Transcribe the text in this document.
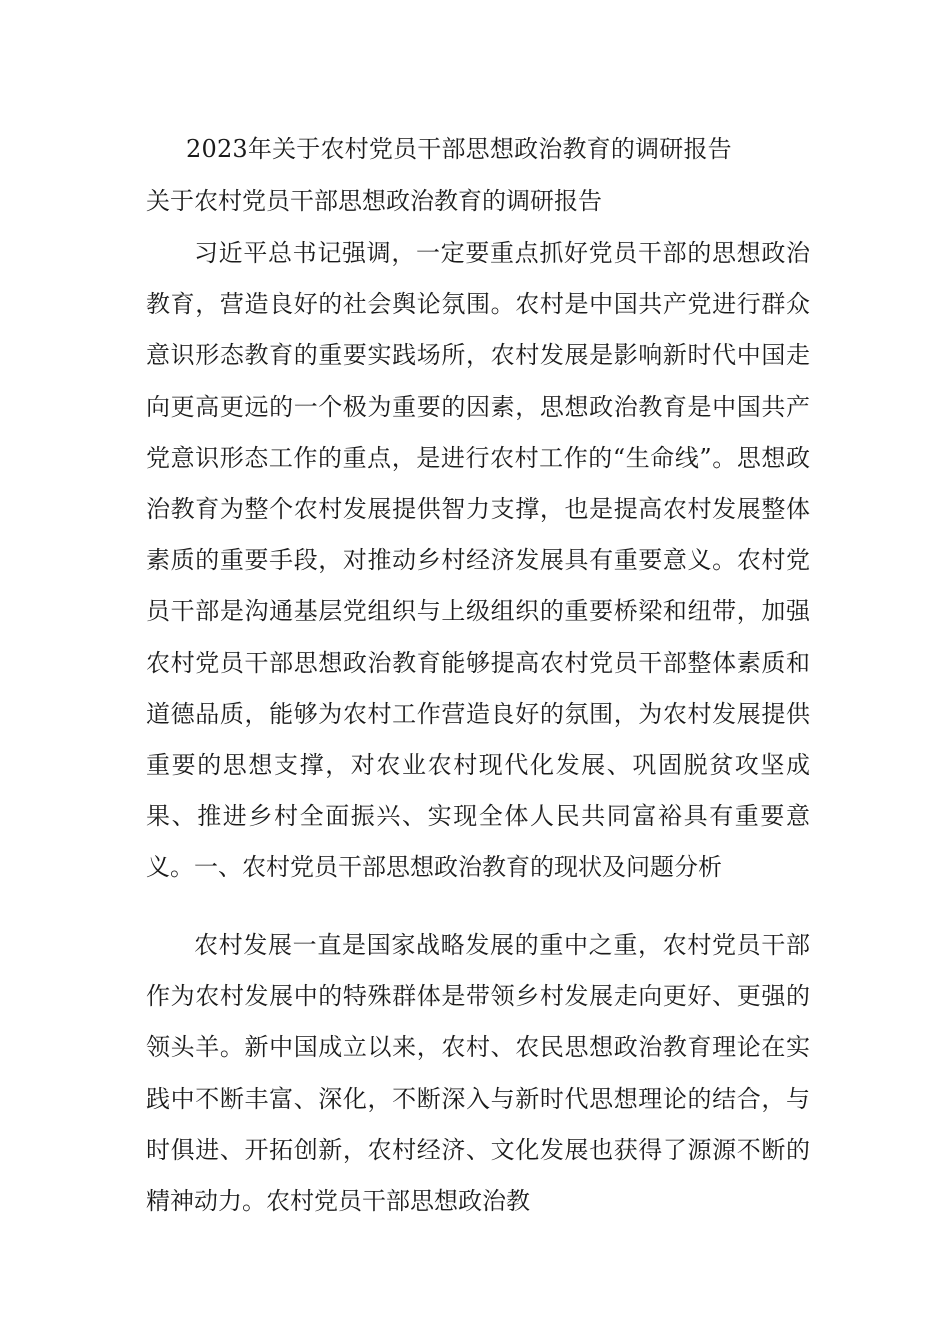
2023年关于农村党员干部思想政治教育的调研报告
关于农村党员干部思想政治教育的调研报告

习近平总书记强调，一定要重点抓好党员干部的思想政治教育，营造良好的社会舆论氛围。农村是中国共产党进行群众意识形态教育的重要实践场所，农村发展是影响新时代中国走向更高更远的一个极为重要的因素，思想政治教育是中国共产党意识形态工作的重点，是进行农村工作的“生命线”。思想政治教育为整个农村发展提供智力支撑，也是提高农村发展整体素质的重要手段，对推动乡村经济发展具有重要意义。农村党员干部是沟通基层党组织与上级组织的重要桥梁和纽带，加强农村党员干部思想政治教育能够提高农村党员干部整体素质和道德品质，能够为农村工作营造良好的氛围，为农村发展提供重要的思想支撑，对农业农村现代化发展、巩固脱贫攻坚成果、推进乡村全面振兴、实现全体人民共同富裕具有重要意义。 一、农村党员干部思想政治教育的现状及问题分析

农村发展一直是国家战略发展的重中之重，农村党员干部作为农村发展中的特殊群体是带领乡村发展走向更好、更强的领头羊。新中国成立以来，农村、农民思想政治教育理论在实践中不断丰富、深化，不断深入与新时代思想理论的结合，与时俱进、开拓创新，农村经济、文化发展也获得了源源不断的精神动力。农村党员干部思想政治教
